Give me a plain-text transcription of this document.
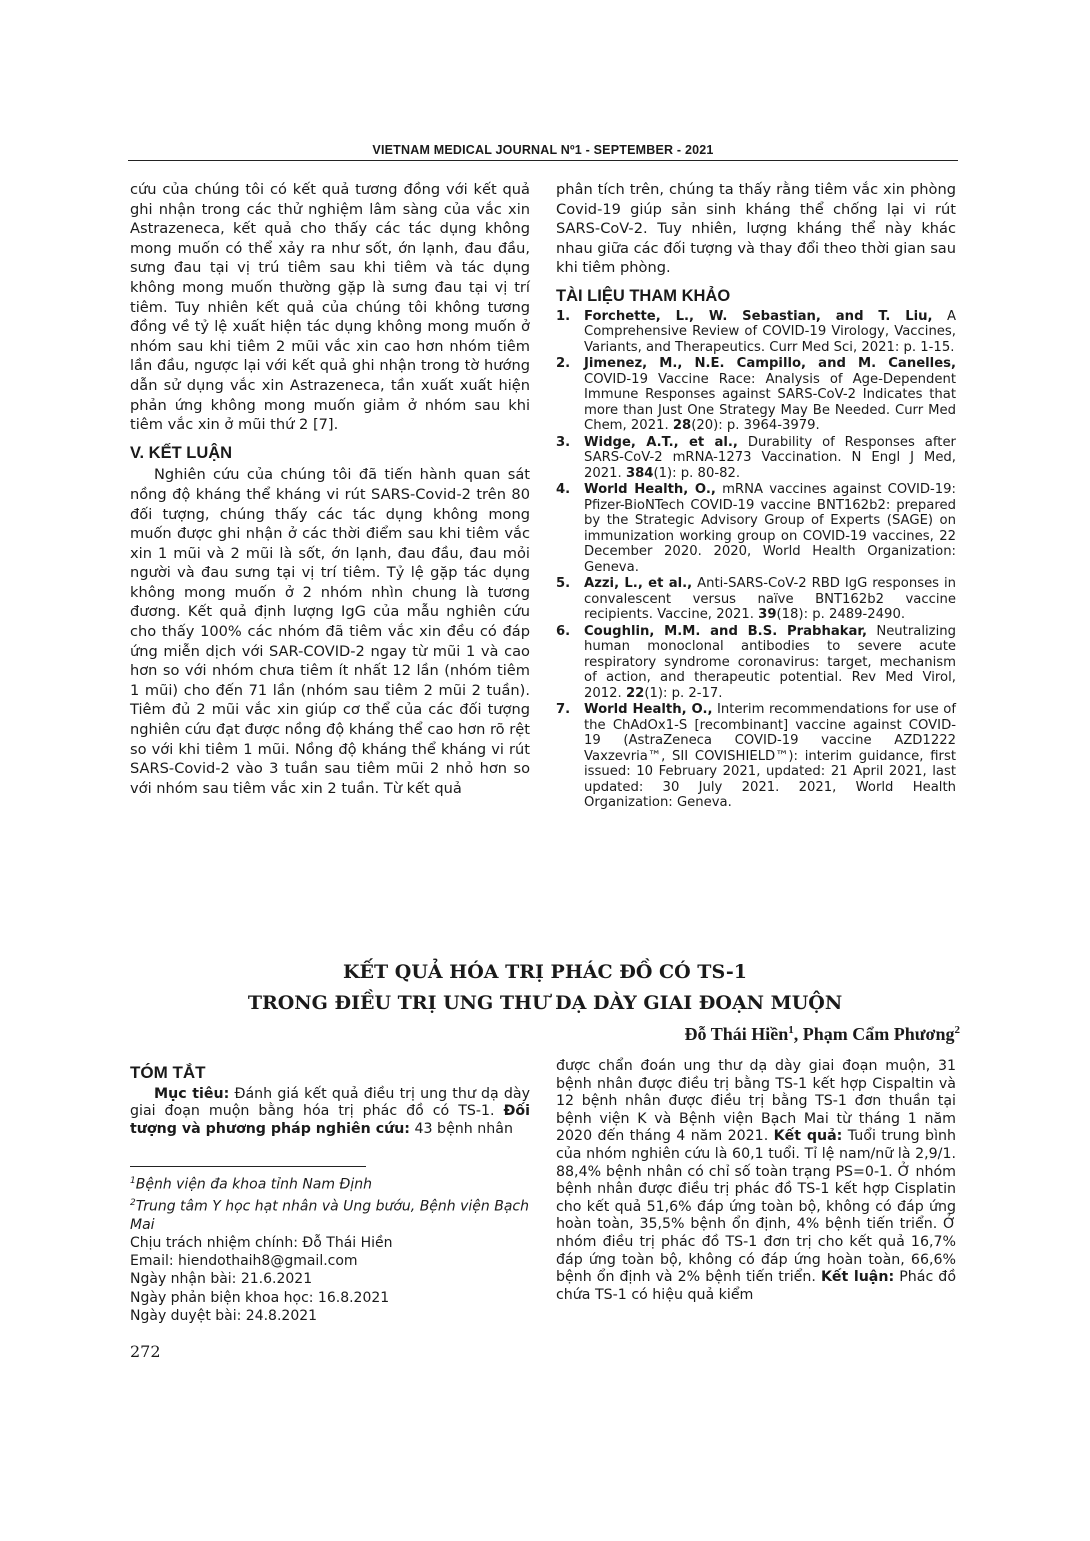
VIETNAM MEDICAL JOURNAL Nº1 - SEPTEMBER - 2021

cứu của chúng tôi có kết quả tương đồng với kết quả ghi nhận trong các thử nghiệm lâm sàng của vắc xin Astrazeneca, kết quả cho thấy các tác dụng không mong muốn có thể xảy ra như sốt, ớn lạnh, đau đầu, sưng đau tại vị trú tiêm sau khi tiêm và tác dụng không mong muốn thường gặp là sưng đau tại vị trí tiêm. Tuy nhiên kết quả của chúng tôi không tương đồng về tỷ lệ xuất hiện tác dụng không mong muốn ở nhóm sau khi tiêm 2 mũi vắc xin cao hơn nhóm tiêm lần đầu, ngược lại với kết quả ghi nhận trong tờ hướng dẫn sử dụng vắc xin Astrazeneca, tần xuất xuất hiện phản ứng không mong muốn giảm ở nhóm sau khi tiêm vắc xin ở mũi thứ 2 [7].

V. KẾT LUẬN

Nghiên cứu của chúng tôi đã tiến hành quan sát nồng độ kháng thể kháng vi rút SARS-Covid-2 trên 80 đối tượng, chúng thấy các tác dụng không mong muốn được ghi nhận ở các thời điểm sau khi tiêm vắc xin 1 mũi và 2 mũi là sốt, ớn lạnh, đau đầu, đau mỏi người và đau sưng tại vị trí tiêm. Tỷ lệ gặp tác dụng không mong muốn ở 2 nhóm nhìn chung là tương đương. Kết quả định lượng IgG của mẫu nghiên cứu cho thấy 100% các nhóm đã tiêm vắc xin đều có đáp ứng miễn dịch với SAR-COVID-2 ngay từ mũi 1 và cao hơn so với nhóm chưa tiêm ít nhất 12 lần (nhóm tiêm 1 mũi) cho đến 71 lần (nhóm sau tiêm 2 mũi 2 tuần). Tiêm đủ 2 mũi vắc xin giúp cơ thể của các đối tượng nghiên cứu đạt được nồng độ kháng thể cao hơn rõ rệt so với khi tiêm 1 mũi. Nồng độ kháng thể kháng vi rút SARS-Covid-2 vào 3 tuần sau tiêm mũi 2 nhỏ hơn so với nhóm sau tiêm vắc xin 2 tuần. Từ kết quả

phân tích trên, chúng ta thấy rằng tiêm vắc xin phòng Covid-19 giúp sản sinh kháng thể chống lại vi rút SARS-CoV-2. Tuy nhiên, lượng kháng thể này khác nhau giữa các đối tượng và thay đổi theo thời gian sau khi tiêm phòng.

TÀI LIỆU THAM KHẢO
1. Forchette, L., W. Sebastian, and T. Liu, A Comprehensive Review of COVID-19 Virology, Vaccines, Variants, and Therapeutics. Curr Med Sci, 2021: p. 1-15.
2. Jimenez, M., N.E. Campillo, and M. Canelles, COVID-19 Vaccine Race: Analysis of Age-Dependent Immune Responses against SARS-CoV-2 Indicates that more than Just One Strategy May Be Needed. Curr Med Chem, 2021. 28(20): p. 3964-3979.
3. Widge, A.T., et al., Durability of Responses after SARS-CoV-2 mRNA-1273 Vaccination. N Engl J Med, 2021. 384(1): p. 80-82.
4. World Health, O., mRNA vaccines against COVID-19: Pfizer-BioNTech COVID-19 vaccine BNT162b2: prepared by the Strategic Advisory Group of Experts (SAGE) on immunization working group on COVID-19 vaccines, 22 December 2020. 2020, World Health Organization: Geneva.
5. Azzi, L., et al., Anti-SARS-CoV-2 RBD IgG responses in convalescent versus naïve BNT162b2 vaccine recipients. Vaccine, 2021. 39(18): p. 2489-2490.
6. Coughlin, M.M. and B.S. Prabhakar, Neutralizing human monoclonal antibodies to severe acute respiratory syndrome coronavirus: target, mechanism of action, and therapeutic potential. Rev Med Virol, 2012. 22(1): p. 2-17.
7. World Health, O., Interim recommendations for use of the ChAdOx1-S [recombinant] vaccine against COVID-19 (AstraZeneca COVID-19 vaccine AZD1222 Vaxzevria™, SII COVISHIELD™): interim guidance, first issued: 10 February 2021, updated: 21 April 2021, last updated: 30 July 2021. 2021, World Health Organization: Geneva.
KẾT QUẢ HÓA TRỊ PHÁC ĐỒ CÓ TS-1
TRONG ĐIỀU TRỊ UNG THƯ DẠ DÀY GIAI ĐOẠN MUỘN
Đỗ Thái Hiền$^1$, Phạm Cẩm Phương$^2$
TÓM TẮT

Mục tiêu: Đánh giá kết quả điều trị ung thư dạ dày giai đoạn muộn bằng hóa trị phác đồ có TS-1. Đối tượng và phương pháp nghiên cứu: 43 bệnh nhân

$^1$Bệnh viện đa khoa tỉnh Nam Định
$^2$Trung tâm Y học hạt nhân và Ung bướu, Bệnh viện Bạch Mai
Chịu trách nhiệm chính: Đỗ Thái Hiền
Email: hiendothaih8@gmail.com
Ngày nhận bài: 21.6.2021
Ngày phản biện khoa học: 16.8.2021
Ngày duyệt bài: 24.8.2021

được chẩn đoán ung thư dạ dày giai đoạn muộn, 31 bệnh nhân được điều trị bằng TS-1 kết hợp Cispaltin và 12 bệnh nhân được điều trị bằng TS-1 đơn thuần tại bệnh viện K và Bệnh viện Bạch Mai từ tháng 1 năm 2020 đến tháng 4 năm 2021. Kết quả: Tuổi trung bình của nhóm nghiên cứu là 60,1 tuổi. Tỉ lệ nam/nữ là 2,9/1. 88,4% bệnh nhân có chỉ số toàn trạng PS=0-1. Ở nhóm bệnh nhân được điều trị phác đồ TS-1 kết hợp Cisplatin cho kết quả 51,6% đáp ứng toàn bộ, không có đáp ứng hoàn toàn, 35,5% bệnh ổn định, 4% bệnh tiến triển. Ở nhóm điều trị phác đồ TS-1 đơn trị cho kết quả 16,7% đáp ứng toàn bộ, không có đáp ứng hoàn toàn, 66,6% bệnh ổn định và 2% bệnh tiến triển. Kết luận: Phác đồ chứa TS-1 có hiệu quả kiểm

272
